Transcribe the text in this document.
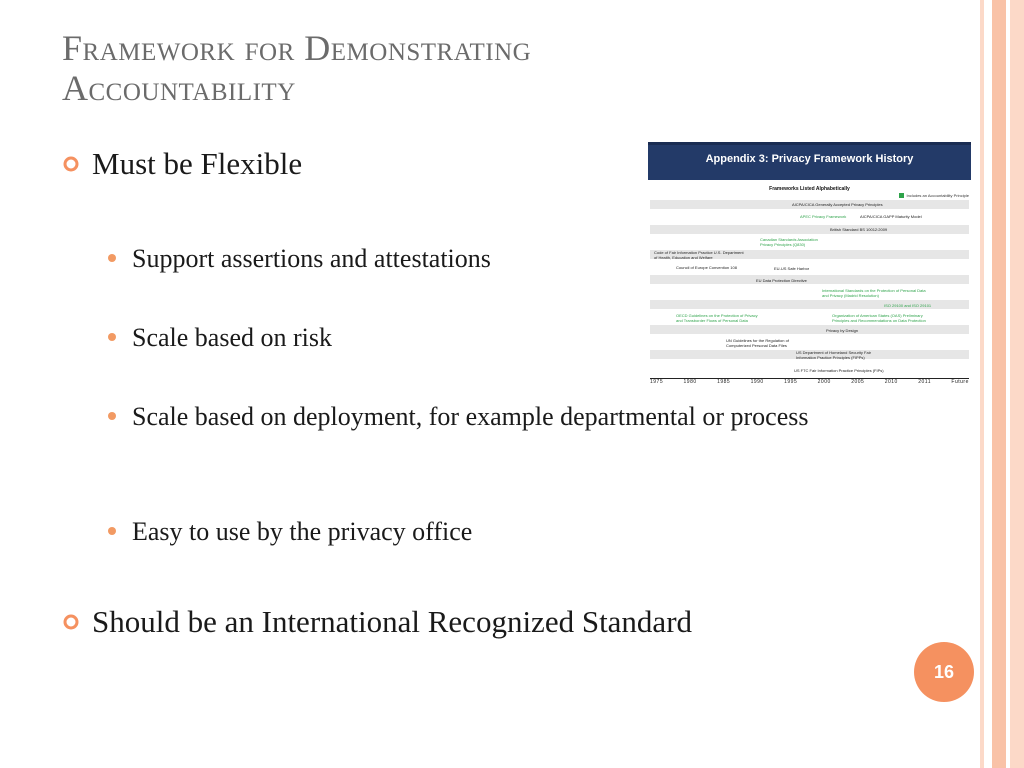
Framework for Demonstrating
Accountability
Must be Flexible
Support assertions and attestations
Scale based on risk
Scale based on deployment, for example departmental or process
Easy to use by the privacy office
Should be an International Recognized Standard
Appendix 3: Privacy Framework History
Frameworks Listed Alphabetically
Includes an Accountability Principle
AICPA/CICA Generally Accepted Privacy Principles
APEC Privacy Framework	AICPA/CICA GAPP Maturity Model
British Standard BS 10012:2009
Canadian Standards Association Privacy Principles (Q830)
Code of Fair Information Practice U.S. Department of Health, Education and Welfare
Council of Europe Convention 108	EU-US Safe Harbor
EU Data Protection Directive
International Standards on the Protection of Personal Data and Privacy (Madrid Resolution)
ISO 29100 and ISO 29101
OECD Guidelines on the Protection of Privacy and Transborder Flows of Personal Data
Organization of American States (OAS) Preliminary Principles and Recommendations on Data Protection
Privacy by Design
UN Guidelines for the Regulation of Computerized Personal Data Files
US Department of Homeland Security Fair Information Practice Principles (FIPPs)
US FTC Fair Information Practice Principles (FIPs)
1975	1980	1985	1990	1995	2000	2005	2010	2011	Future
16
